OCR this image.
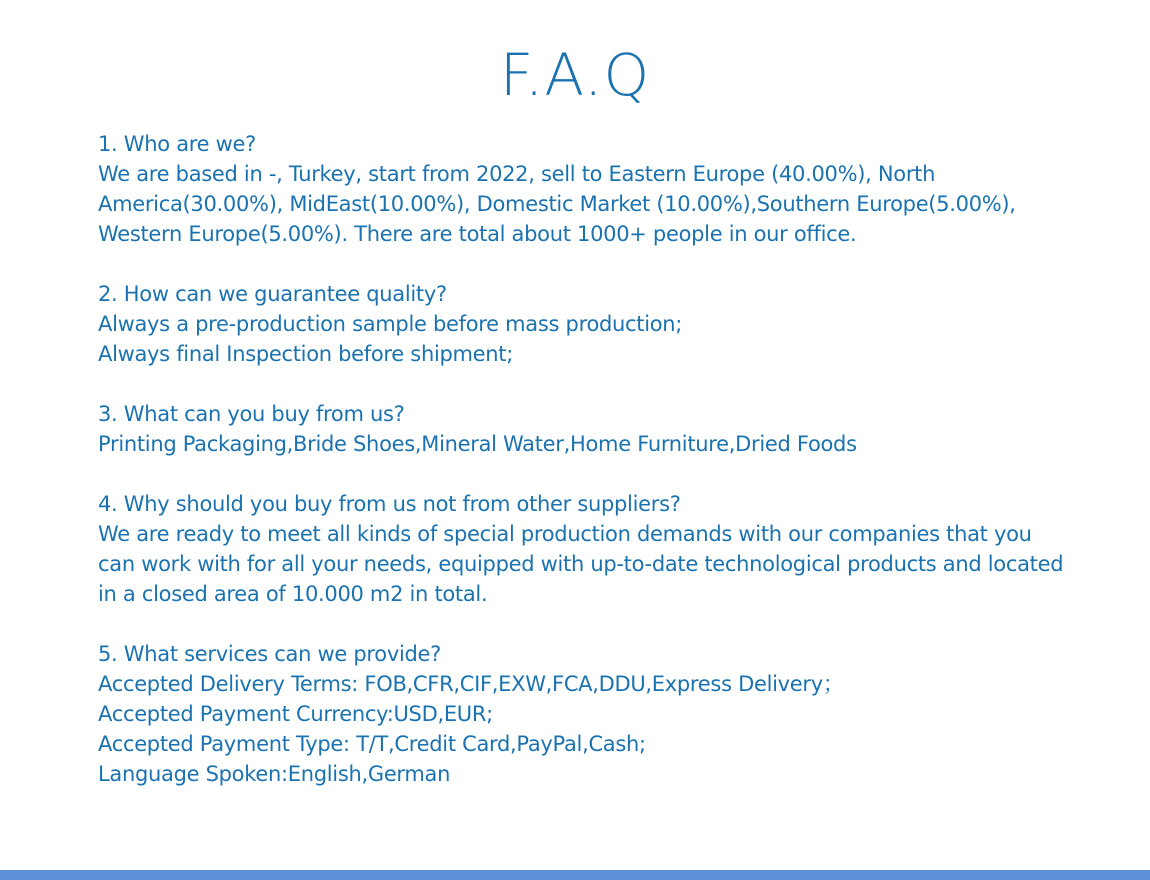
F.A.Q

1. Who are we?

We are based in -, Turkey, start from 2022, sell to Eastern Europe (40.00%), North America(30.00%), MidEast(10.00%), Domestic Market (10.00%),Southern Europe(5.00%), Western Europe(5.00%). There are total about 1000+ people in our office.

2. How can we guarantee quality?

Always a pre-production sample before mass production;

Always final Inspection before shipment;

3. What can you buy from us?

Printing Packaging,Bride Shoes,Mineral Water,Home Furniture,Dried Foods

4. Why should you buy from us not from other suppliers?

We are ready to meet all kinds of special production demands with our companies that you can work with for all your needs, equipped with up-to-date technological products and located in a closed area of 10.000 m2 in total.

5. What services can we provide?

Accepted Delivery Terms: FOB,CFR,CIF,EXW,FCA,DDU,Express Delivery；

Accepted Payment Currency:USD,EUR;

Accepted Payment Type: T/T,Credit Card,PayPal,Cash;

Language Spoken:English,German
